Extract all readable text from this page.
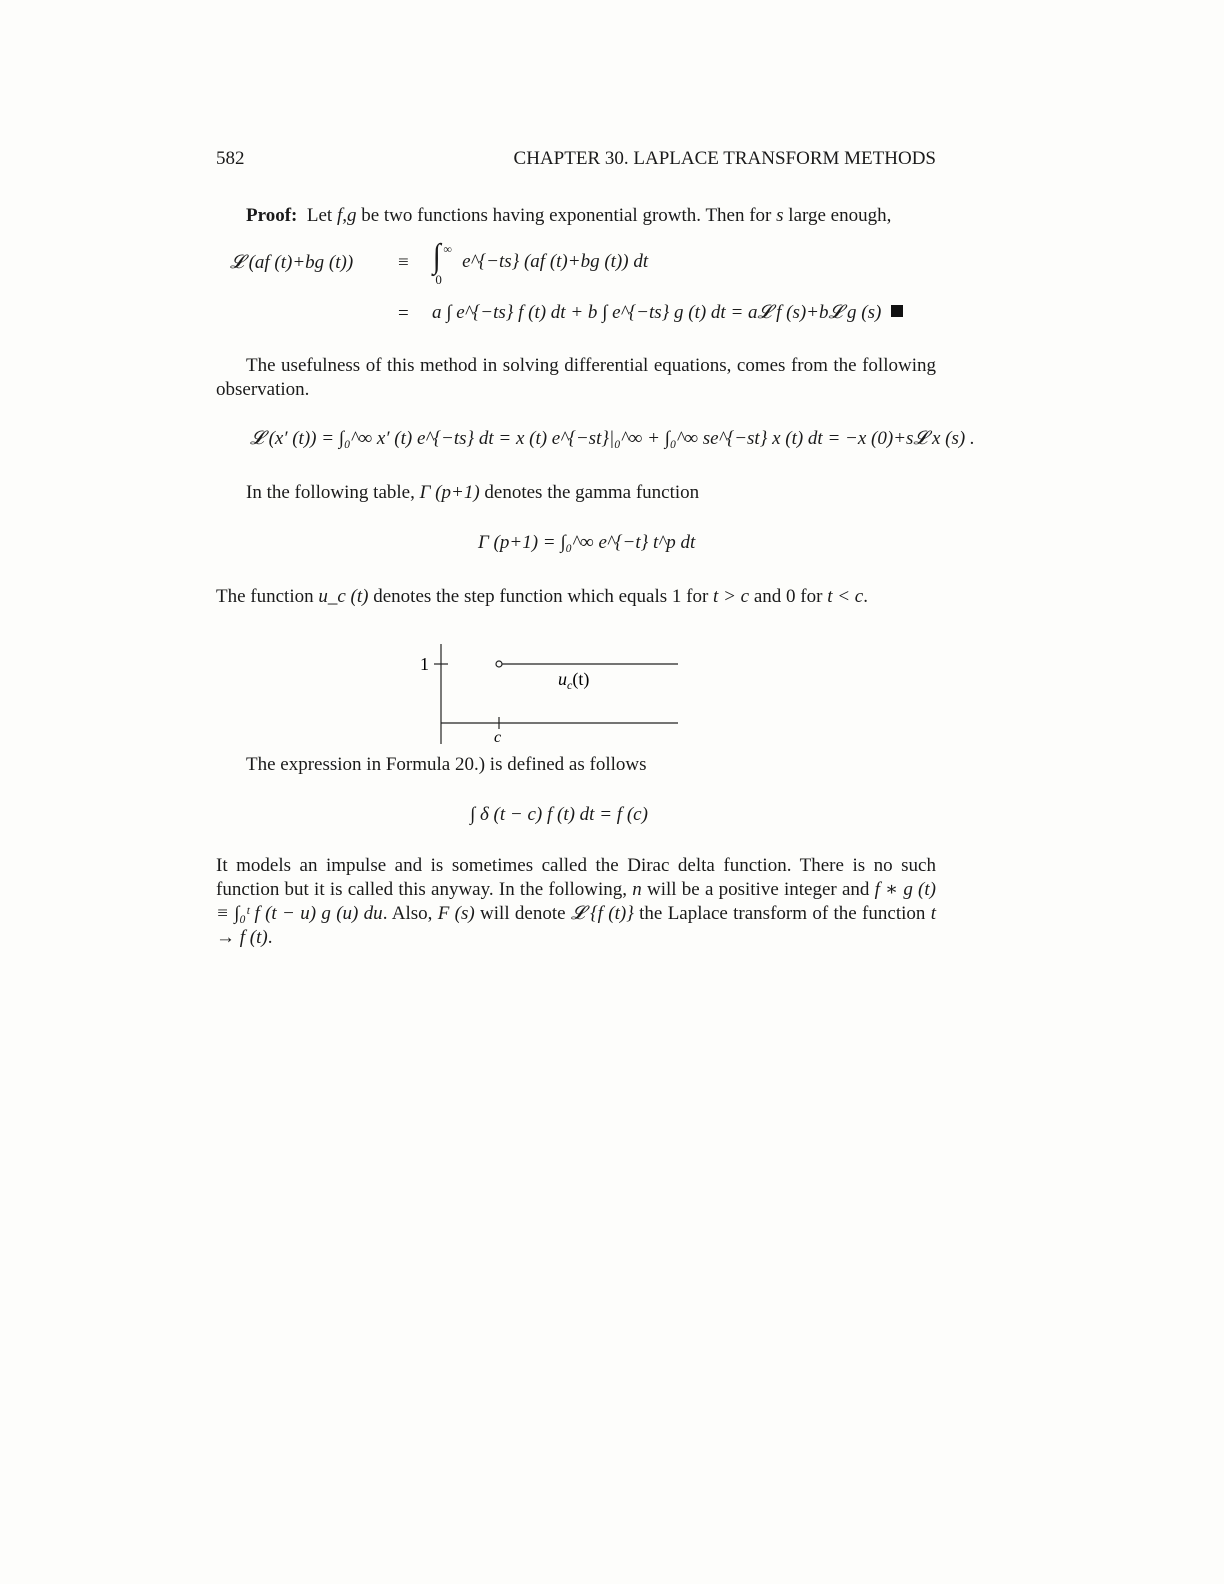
582	CHAPTER 30. LAPLACE TRANSFORM METHODS
Proof: Let f,g be two functions having exponential growth. Then for s large enough,
𝓛 (af (t)+bg (t)) ≡ ∫ ∞
0
e^{−ts} (af (t)+bg (t)) dt
= a ∫ e^{−ts} f (t) dt + b ∫ e^{−ts} g (t) dt = a𝓛 f (s)+b𝓛 g (s)
The usefulness of this method in solving differential equations, comes from the following observation.
𝓛 (x′ (t)) = ∫₀^∞ x′ (t) e^{−ts} dt = x (t) e^{−st}|₀^∞ + ∫₀^∞ se^{−st} x (t) dt = −x (0)+s𝓛 x (s) .
In the following table, Γ (p+1) denotes the gamma function
Γ (p+1) = ∫₀^∞ e^{−t} t^p dt
The function u_c (t) denotes the step function which equals 1 for t > c and 0 for t < c.
1
c
$u_c(t)$
The expression in Formula 20.) is defined as follows
∫ δ (t − c) f (t) dt = f (c)
It models an impulse and is sometimes called the Dirac delta function. There is no such function but it is called this anyway. In the following, n will be a positive integer and f ∗ g (t) ≡ ∫₀ᵗ f (t − u) g (u) du. Also, F (s) will denote 𝓛 {f (t)} the Laplace transform of the function t → f (t).
